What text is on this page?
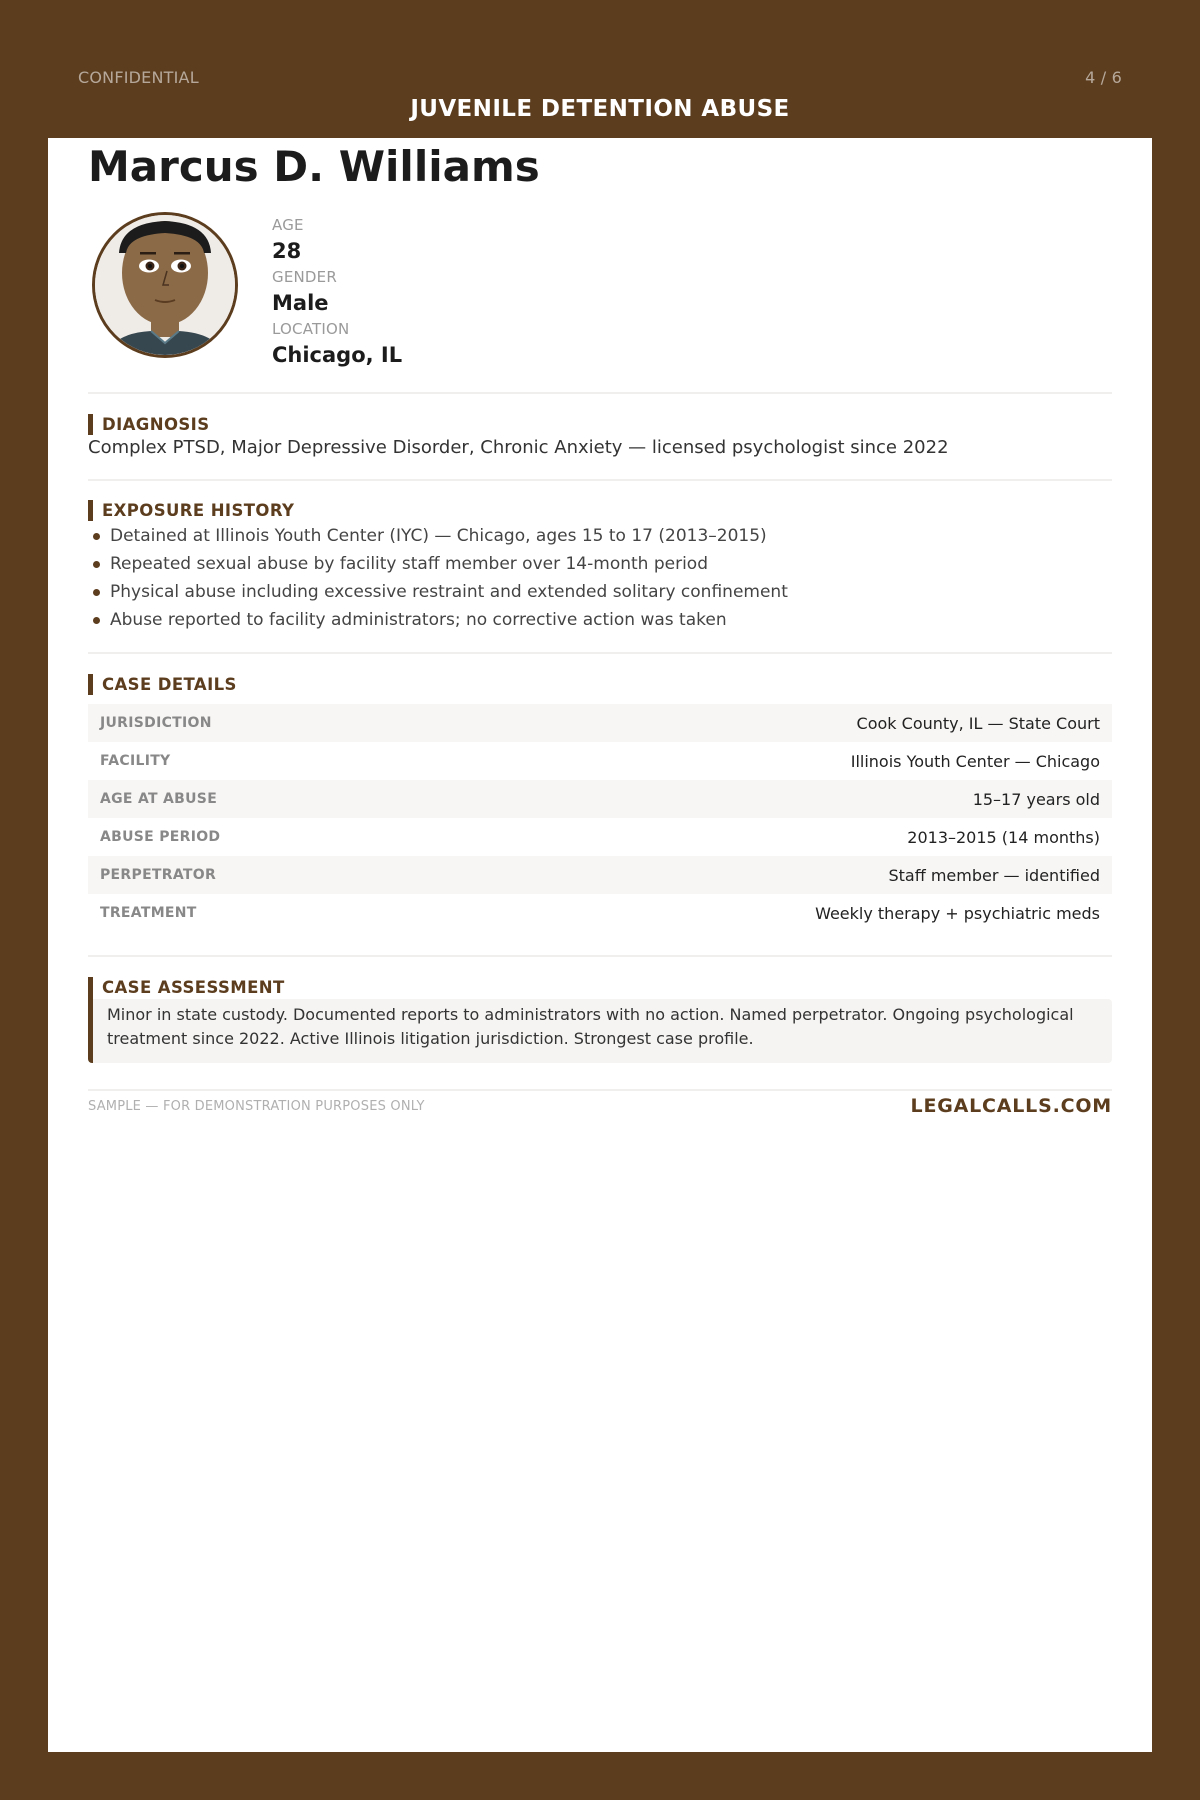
CONFIDENTIAL	4 / 6
JUVENILE DETENTION ABUSE
Marcus D. Williams
AGE
28
GENDER
Male
LOCATION
Chicago, IL
DIAGNOSIS

Complex PTSD, Major Depressive Disorder, Chronic Anxiety — licensed psychologist since 2022

EXPOSURE HISTORY
Detained at Illinois Youth Center (IYC) — Chicago, ages 15 to 17 (2013–2015)
Repeated sexual abuse by facility staff member over 14-month period
Physical abuse including excessive restraint and extended solitary confinement
Abuse reported to facility administrators; no corrective action was taken
CASE DETAILS
JURISDICTION	Cook County, IL — State Court
FACILITY	Illinois Youth Center — Chicago
AGE AT ABUSE	15–17 years old
ABUSE PERIOD	2013–2015 (14 months)
PERPETRATOR	Staff member — identified
TREATMENT	Weekly therapy + psychiatric meds
CASE ASSESSMENT
Minor in state custody. Documented reports to administrators with no action. Named perpetrator. Ongoing psychological treatment since 2022. Active Illinois litigation jurisdiction. Strongest case profile.
SAMPLE — FOR DEMONSTRATION PURPOSES ONLY	LEGALCALLS.COM
